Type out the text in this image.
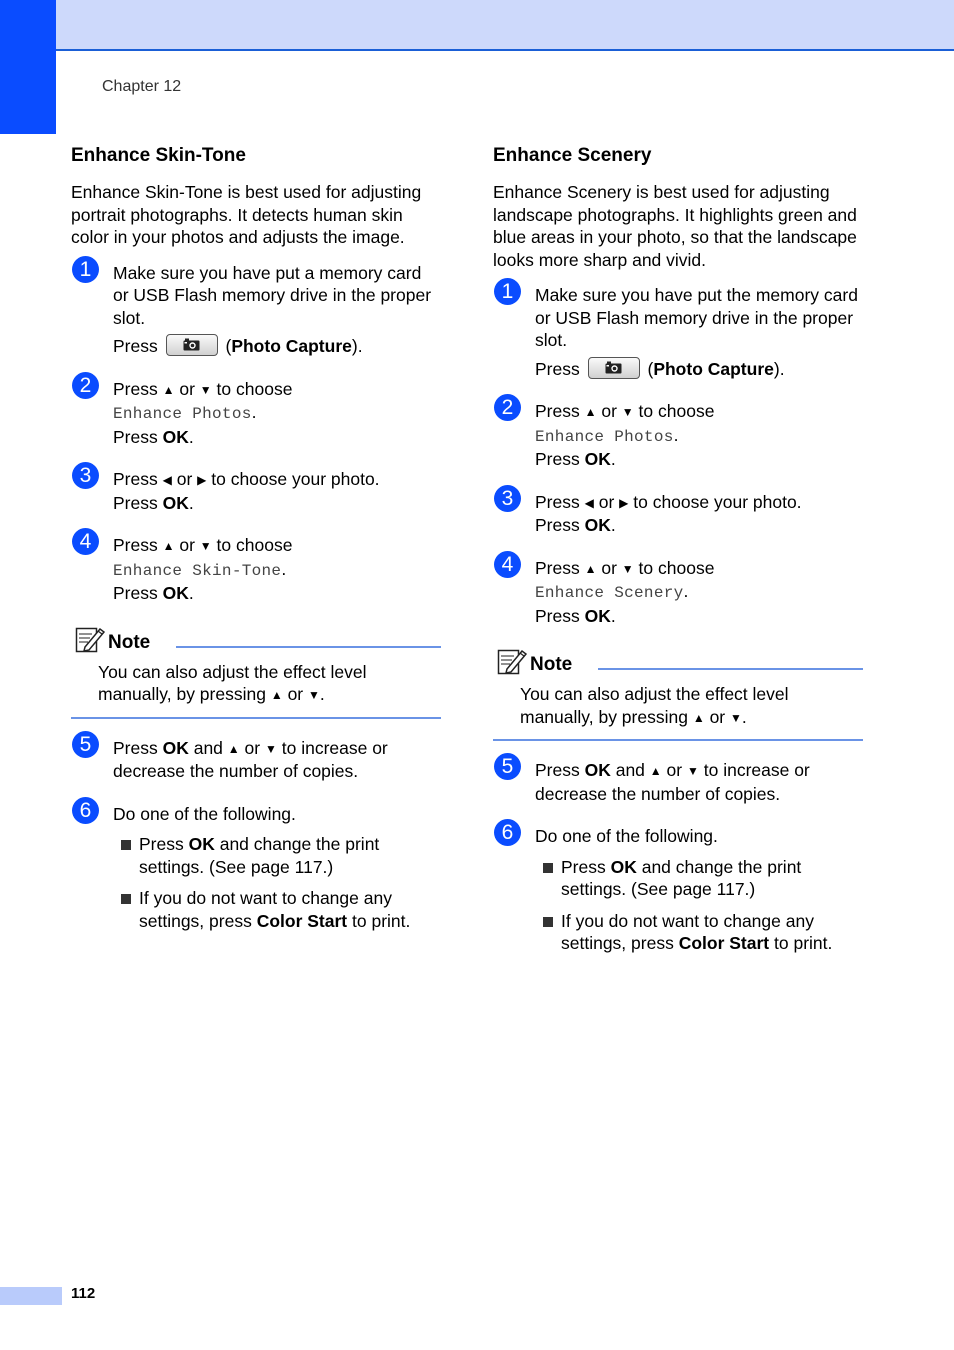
Chapter 12
Enhance Skin-Tone

Enhance Skin-Tone is best used for adjusting portrait photographs. It detects human skin color in your photos and adjusts the image.

1	Make sure you have put a memory card or USB Flash memory drive in the proper slot.

Press	(Photo Capture).

2	Press ▲ or ▼ to choose

Enhance Photos.

Press OK.

3	Press ◀ or ▶ to choose your photo.

Press OK.

4	Press ▲ or ▼ to choose

Enhance Skin-Tone.

Press OK.

Note
You can also adjust the effect level manually, by pressing ▲ or ▼.
5	Press OK and ▲ or ▼ to increase or decrease the number of copies.

6	Do one of the following.

Press OK and change the print settings. (See page 117.)
If you do not want to change any settings, press Color Start to print.
Enhance Scenery

Enhance Scenery is best used for adjusting landscape photographs. It highlights green and blue areas in your photo, so that the landscape looks more sharp and vivid.

1	Make sure you have put the memory card or USB Flash memory drive in the proper slot.

Press	(Photo Capture).

2	Press ▲ or ▼ to choose

Enhance Photos.

Press OK.

3	Press ◀ or ▶ to choose your photo.

Press OK.

4	Press ▲ or ▼ to choose

Enhance Scenery.

Press OK.

Note
You can also adjust the effect level manually, by pressing ▲ or ▼.
5	Press OK and ▲ or ▼ to increase or decrease the number of copies.

6	Do one of the following.

Press OK and change the print settings. (See page 117.)
If you do not want to change any settings, press Color Start to print.
112
